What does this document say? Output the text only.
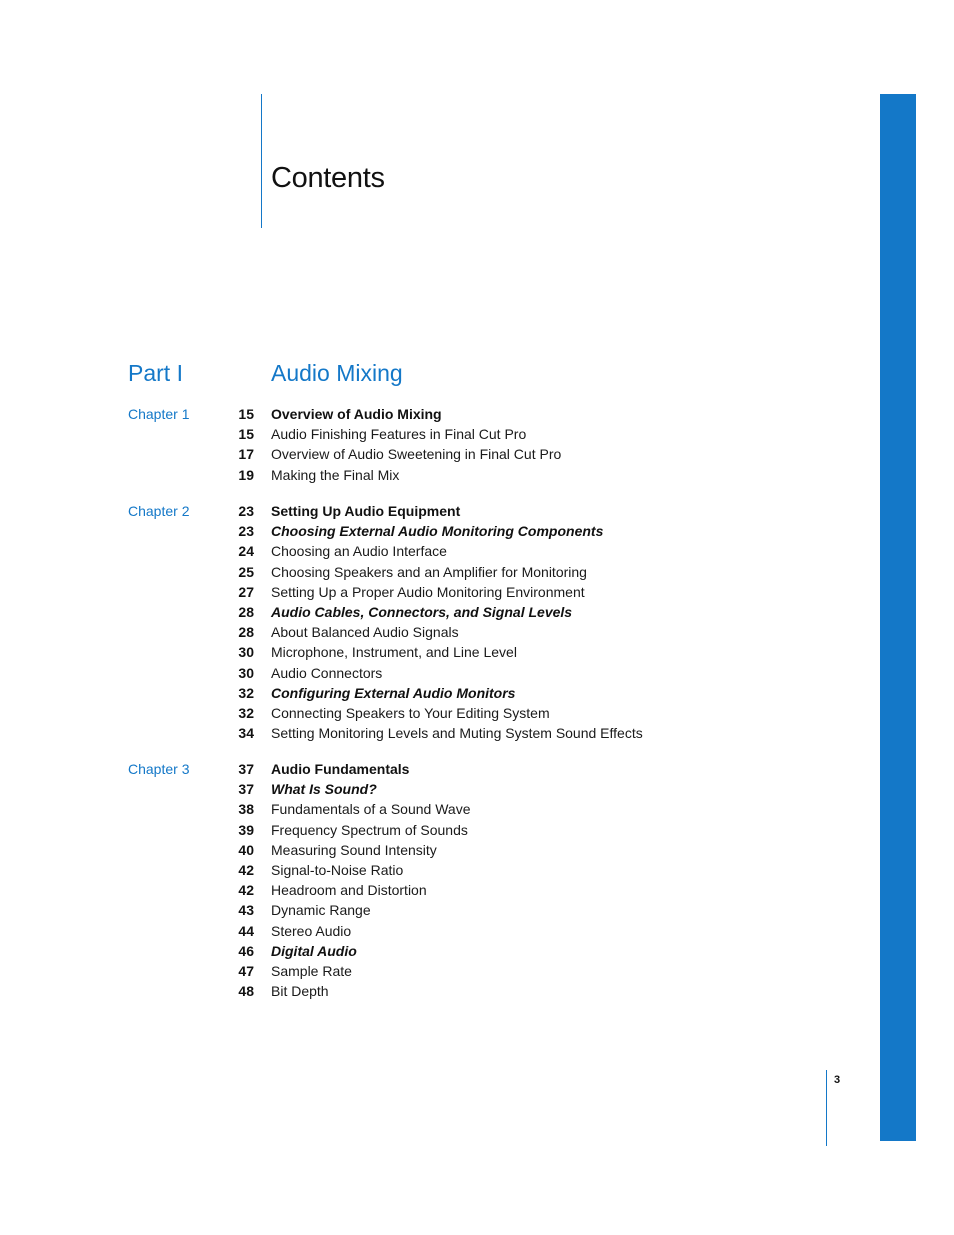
Contents
Part I	Audio Mixing
Chapter 1	15 Overview of Audio Mixing
15 Audio Finishing Features in Final Cut Pro
17 Overview of Audio Sweetening in Final Cut Pro
19 Making the Final Mix
Chapter 2	23 Setting Up Audio Equipment
23 Choosing External Audio Monitoring Components
24 Choosing an Audio Interface
25 Choosing Speakers and an Amplifier for Monitoring
27 Setting Up a Proper Audio Monitoring Environment
28 Audio Cables, Connectors, and Signal Levels
28 About Balanced Audio Signals
30 Microphone, Instrument, and Line Level
30 Audio Connectors
32 Configuring External Audio Monitors
32 Connecting Speakers to Your Editing System
34 Setting Monitoring Levels and Muting System Sound Effects
Chapter 3	37 Audio Fundamentals
37 What Is Sound?
38 Fundamentals of a Sound Wave
39 Frequency Spectrum of Sounds
40 Measuring Sound Intensity
42 Signal-to-Noise Ratio
42 Headroom and Distortion
43 Dynamic Range
44 Stereo Audio
46 Digital Audio
47 Sample Rate
48 Bit Depth
3
